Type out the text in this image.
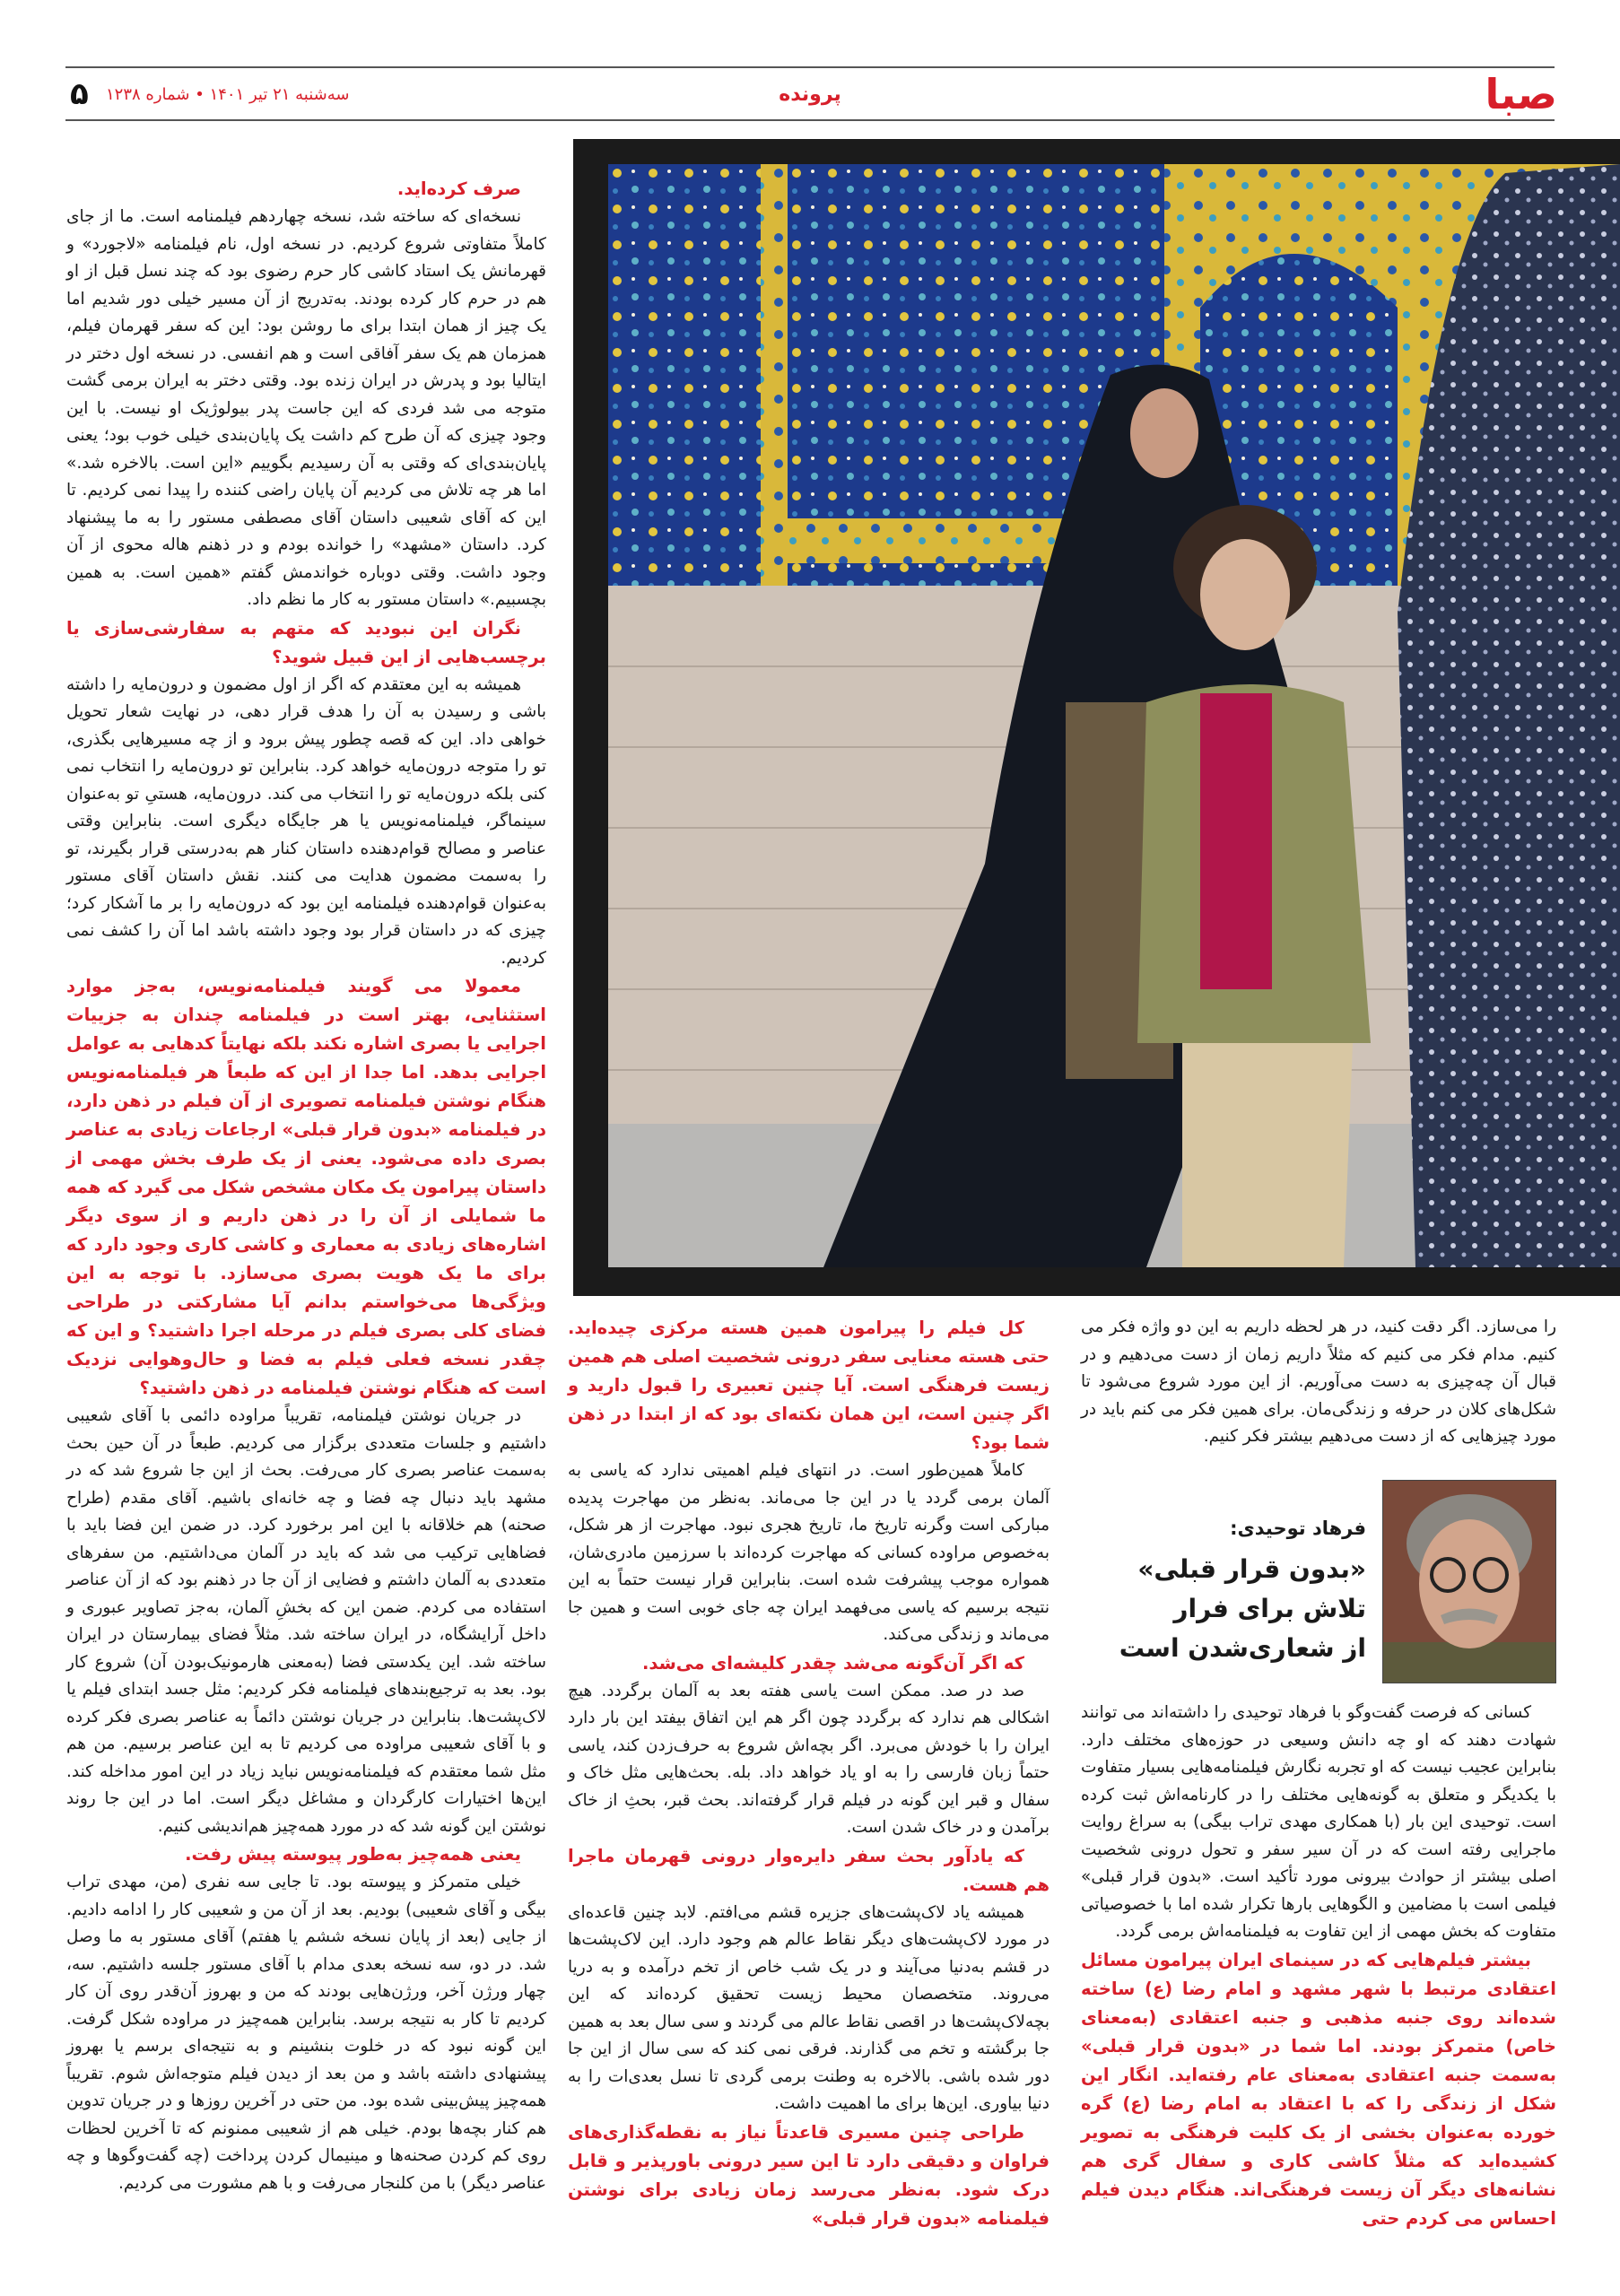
صبا
پرونده
سه‌شنبه ۲۱ تیر ۱۴۰۱ • شماره ۱۲۳۸
۵

صرف کرده‌اید.

نسخه‌ای که ساخته شد، نسخه چهاردهم فیلمنامه است. ما از جای کاملاً متفاوتی شروع کردیم. در نسخه اول، نام فیلمنامه «لاجورد» و قهرمانش یک استاد کاشی کار حرم رضوی بود که چند نسل قبل از او هم در حرم کار کرده بودند. به‌تدریج از آن مسیر خیلی دور شدیم اما یک چیز از همان ابتدا برای ما روشن بود: این که سفر قهرمان فیلم، همزمان هم یک سفر آفاقی است و هم انفسی. در نسخه اول دختر در ایتالیا بود و پدرش در ایران زنده بود. وقتی دختر به ایران برمی گشت متوجه می شد فردی که این جاست پدر بیولوژیک او نیست. با این وجود چیزی که آن طرح کم داشت یک پایان‌بندی خیلی خوب بود؛ یعنی پایان‌بندی‌ای که وقتی به آن رسیدیم بگوییم «این است. بالاخره شد.» اما هر چه تلاش می کردیم آن پایان راضی کننده را پیدا نمی کردیم. تا این که آقای شعیبی داستان آقای مصطفی مستور را به ما پیشنهاد کرد. داستان «مشهد» را خوانده بودم و در ذهنم هاله محوی از آن وجود داشت. وقتی دوباره خواندمش گفتم «همین است. به همین بچسبیم.» داستان مستور به کار ما نظم داد.

نگران این نبودید که متهم به سفارشی‌سازی یا برچسب‌هایی از این قبیل شوید؟

همیشه به این معتقدم که اگر از اول مضمون و درون‌مایه را داشته باشی و رسیدن به آن را هدف قرار دهی، در نهایت شعار تحویل خواهی داد. این که قصه چطور پیش برود و از چه مسیرهایی بگذری، تو را متوجه درون‌مایه خواهد کرد. بنابراین تو درون‌مایه را انتخاب نمی کنی بلکه درون‌مایه تو را انتخاب می کند. درون‌مایه، هستیِ تو به‌عنوان سینماگر، فیلمنامه‌نویس یا هر جایگاه دیگری است. بنابراین وقتی عناصر و مصالح قوام‌دهنده داستان کنار هم به‌درستی قرار بگیرند، تو را به‌سمت مضمون هدایت می کنند. نقش داستان آقای مستور به‌عنوان قوام‌دهنده فیلمنامه این بود که درون‌مایه را بر ما آشکار کرد؛ چیزی که در داستان قرار بود وجود داشته باشد اما آن را کشف نمی کردیم.

معمولا می گویند فیلمنامه‌نویس، به‌جز موارد استثنایی، بهتر است در فیلمنامه چندان به جزییات اجرایی یا بصری اشاره نکند بلکه نهایتاً کدهایی به عوامل اجرایی بدهد. اما جدا از این که طبعاً هر فیلمنامه‌نویس هنگام نوشتن فیلمنامه تصویری از آن فیلم در ذهن دارد، در فیلمنامه «بدون قرار قبلی» ارجاعات زیادی به عناصر بصری داده می‌شود. یعنی از یک طرف بخش مهمی از داستان پیرامون یک مکان مشخص شکل می گیرد که همه ما شمایلی از آن را در ذهن داریم و از سوی دیگر اشاره‌های زیادی به معماری و کاشی کاری وجود دارد که برای ما یک هویت بصری می‌سازد. با توجه به این ویژگی‌ها می‌خواستم بدانم آیا مشارکتی در طراحی فضای کلی بصری فیلم در مرحله اجرا داشتید؟ و این که چقدر نسخه فعلی فیلم به فضا و حال‌و‌هوایی نزدیک است که هنگام نوشتن فیلمنامه در ذهن داشتید؟

در جریان نوشتن فیلمنامه، تقریباً مراوده دائمی با آقای شعیبی داشتیم و جلسات متعددی برگزار می کردیم. طبعاً در آن حین بحث به‌سمت عناصر بصری کار می‌رفت. بحث از این جا شروع شد که در مشهد باید دنبال چه فضا و چه خانه‌ای باشیم. آقای مقدم (طراح صحنه) هم خلاقانه با این امر برخورد کرد. در ضمن این فضا باید با فضاهایی ترکیب می شد که باید در آلمان می‌داشتیم. من سفرهای متعددی به آلمان داشتم و فضایی از آن جا در ذهنم بود که از آن عناصر استفاده می کردم. ضمن این که بخشِ آلمان، به‌جز تصاویر عبوری و داخل آرایشگاه، در ایران ساخته شد. مثلاً فضای بیمارستان در ایران ساخته شد. این یکدستی فضا (به‌معنی هارمونیک‌بودن آن) شروع کار بود. بعد به ترجیع‌بندهای فیلمنامه فکر کردیم: مثل جسد ابتدای فیلم یا لاک‌پشت‌ها. بنابراین در جریان نوشتن دائماً به عناصر بصری فکر کرده و با آقای شعیبی مراوده می کردیم تا به این عناصر برسیم. من هم مثل شما معتقدم که فیلمنامه‌نویس نباید زیاد در این امور مداخله کند. این‌ها اختیارات کارگردان و مشاغل دیگر است. اما در این جا روند نوشتن این گونه شد که در مورد همه‌چیز هم‌اندیشی کنیم.

یعنی همه‌چیز به‌طور پیوسته پیش رفت.

خیلی متمرکز و پیوسته بود. تا جایی سه نفری (من، مهدی تراب بیگی و آقای شعیبی) بودیم. بعد از آن من و شعیبی کار را ادامه دادیم. از جایی (بعد از پایان نسخه ششم یا هفتم) آقای مستور به ما وصل شد. در دو، سه نسخه بعدی مدام با آقای مستور جلسه داشتیم. سه، چهار ورژن آخر، ورژن‌هایی بودند که من و بهروز آن‌قدر روی آن کار کردیم تا کار به نتیجه برسد. بنابراین همه‌چیز در مراوده شکل گرفت. این گونه نبود که در خلوت بنشینم و به نتیجه‌ای برسم یا بهروز پیشنهادی داشته باشد و من بعد از دیدن فیلم متوجه‌اش شوم. تقریباً همه‌چیز پیش‌بینی شده بود. من حتی در آخرین روزها و در جریان تدوین هم کنار بچه‌ها بودم. خیلی هم از شعیبی ممنونم که تا آخرین لحظات روی کم کردن صحنه‌ها و مینیمال کردن پرداخت (چه گفت‌وگوها و چه عناصر دیگر) با من کلنجار می‌رفت و با هم مشورت می کردیم.

کل فیلم را پیرامون همین هسته مرکزی چیده‌اید. حتی هسته معنایی سفر درونی شخصیت اصلی هم همین زیست فرهنگی است. آیا چنین تعبیری را قبول دارید و اگر چنین است، این همان نکته‌ای بود که از ابتدا در ذهن شما بود؟

کاملاً همین‌طور است. در انتهای فیلم اهمیتی ندارد که یاسی به آلمان برمی گردد یا در این جا می‌ماند. به‌نظر من مهاجرت پدیده مبارکی است وگرنه تاریخ ما، تاریخ هجری نبود. مهاجرت از هر شکل، به‌خصوص مراوده کسانی که مهاجرت کرده‌اند با سرزمین مادری‌شان، همواره موجب پیشرفت شده است. بنابراین قرار نیست حتماً به این نتیجه برسیم که یاسی می‌فهمد ایران چه جای خوبی است و همین جا می‌ماند و زندگی می‌کند.

که اگر آن‌گونه می‌شد چقدر کلیشه‌ای می‌شد.

صد در صد. ممکن است یاسی هفته بعد به آلمان برگردد. هیچ اشکالی هم ندارد که برگردد چون اگر هم این اتفاق بیفتد این بار دارد ایران را با خودش می‌برد. اگر بچه‌اش شروع به حرف‌زدن کند، یاسی حتماً زبان فارسی را به او یاد خواهد داد. بله. بحث‌هایی مثل خاک و سفال و قبر این گونه در فیلم قرار گرفته‌اند. بحث قبر، بحثِ از خاک برآمدن و در خاک شدن است.

که یادآور بحث سفر دایره‌وار درونی قهرمان ماجرا هم هست.

همیشه یاد لاک‌پشت‌های جزیره قشم می‌افتم. لابد چنین قاعده‌ای در مورد لاک‌پشت‌های دیگر نقاط عالم هم وجود دارد. این لاک‌پشت‌ها در قشم به‌دنیا می‌آیند و در یک شب خاص از تخم درآمده و به دریا می‌روند. متخصصان محیط زیست تحقیق کرده‌اند که این بچه‌لاک‌پشت‌ها در اقصی نقاط عالم می گردند و سی سال بعد به همین جا برگشته و تخم می گذارند. فرقی نمی کند که سی سال از این جا دور شده باشی. بالاخره به وطنت برمی گردی تا نسل بعدی‌ات را به دنیا بیاوری. این‌ها برای ما اهمیت داشت.

طراحی چنین مسیری قاعدتاً نیاز به نقطه‌گذاری‌های فراوان و دقیقی دارد تا این سیر درونی باورپذیر و قابل درک شود. به‌نظر می‌رسد زمان زیادی برای نوشتن فیلمنامه «بدون قرار قبلی»

را می‌سازد. اگر دقت کنید، در هر لحظه داریم به این دو واژه فکر می کنیم. مدام فکر می کنیم که مثلاً داریم زمان از دست می‌دهیم و در قبال آن چه‌چیزی به دست می‌آوریم. از این مورد شروع می‌شود تا شکل‌های کلان در حرفه و زندگی‌مان. برای همین فکر می کنم باید در مورد چیزهایی که از دست می‌دهیم بیشتر فکر کنیم.

فرهاد توحیدی:
«بدون قرار قبلی»
تلاش برای فرار
از شعاری‌شدن است

کسانی که فرصت گفت‌وگو با فرهاد توحیدی را داشته‌اند می توانند شهادت دهند که او چه دانش وسیعی در حوزه‌های مختلف دارد. بنابراین عجیب نیست که او تجربه نگارش فیلمنامه‌هایی بسیار متفاوت با یکدیگر و متعلق به گونه‌هایی مختلف را در کارنامه‌اش ثبت کرده است. توحیدی این بار (با همکاری مهدی تراب بیگی) به سراغ روایت ماجرایی رفته است که در آن سیر سفر و تحول درونی شخصیت اصلی بیشتر از حوادث بیرونی مورد تأکید است. «بدون قرار قبلی» فیلمی است با مضامین و الگوهایی بارها تکرار شده اما با خصوصیاتی متفاوت که بخش مهمی از این تفاوت به فیلمنامه‌اش برمی گردد.

بیشتر فیلم‌هایی که در سینمای ایران پیرامون مسائل اعتقادی مرتبط با شهر مشهد و امام رضا (ع) ساخته شده‌اند روی جنبه مذهبی و جنبه اعتقادی (به‌معنای خاص) متمرکز بودند. اما شما در «بدون قرار قبلی» به‌سمت جنبه اعتقادی به‌معنای عام رفته‌اید. انگار این شکل از زندگی را که با اعتقاد به امام رضا (ع) گره خورده به‌عنوان بخشی از یک کلیت فرهنگی به تصویر کشیده‌اید که مثلاً کاشی کاری و سفال گری هم نشانه‌های دیگر آن زیست فرهنگی‌اند. هنگام دیدن فیلم احساس می کردم حتی
